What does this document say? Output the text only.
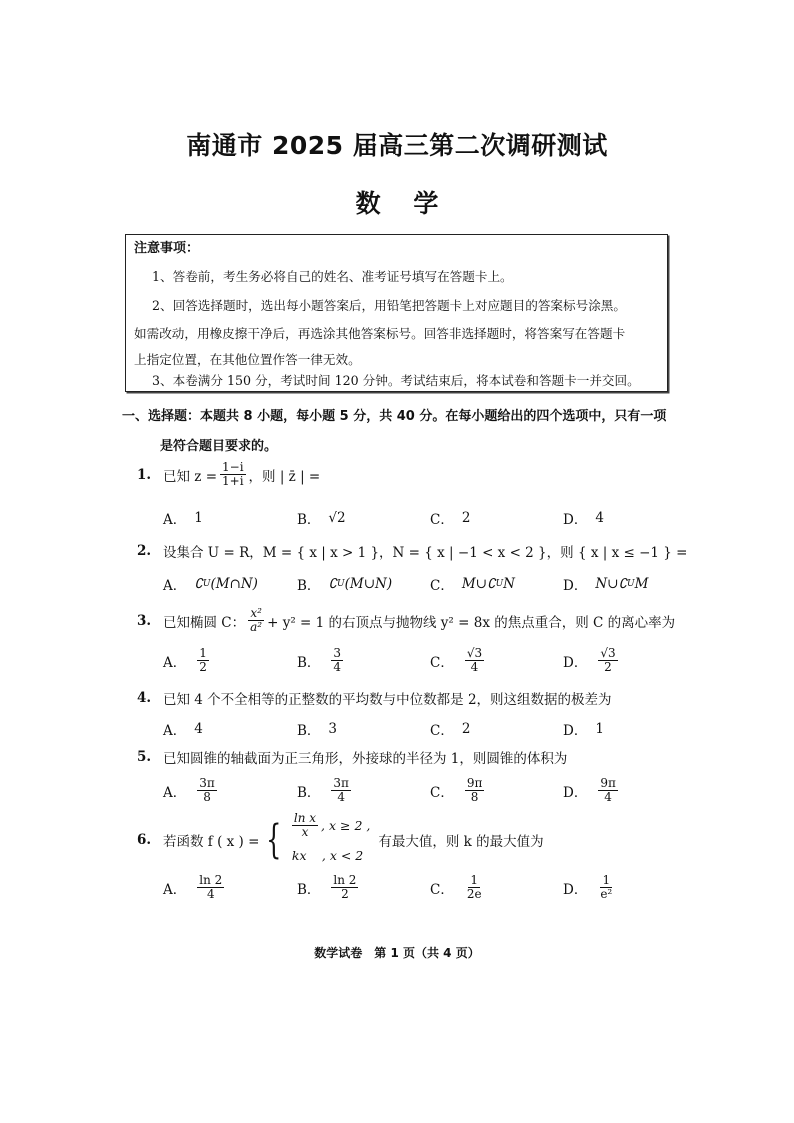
南通市 2025 届高三第二次调研测试
数 学
注意事项：
1、答卷前，考生务必将自己的姓名、准考证号填写在答题卡上。
2、回答选择题时，选出每小题答案后，用铅笔把答题卡上对应题目的答案标号涂黑。
如需改动，用橡皮擦干净后，再选涂其他答案标号。回答非选择题时，将答案写在答题卡
上指定位置，在其他位置作答一律无效。
3、本卷满分 150 分，考试时间 120 分钟。考试结束后，将本试卷和答题卡一并交回。
一、选择题：本题共 8 小题，每小题 5 分，共 40 分。在每小题给出的四个选项中，只有一项
是符合题目要求的。
1. 已知 $z = \frac{1-i}{1+i}$ ，则 | z̄ | =
A． 1	B． √2	C． 2	D． 4
2. 设集合 U = R，M = { x | x > 1 }，N = { x | −1 < x < 2 }，则 { x | x ≤ −1 } =
A． ∁ U (M∩N)	B． ∁ U (M∪N)	C． M∪∁ U N	D． N∪∁ U M
3. 已知椭圆 C： $\frac{\text{x²}}{\text{a²}} + y^2 = 1$ 的右顶点与抛物线 y² = 8x 的焦点重合，则 C 的离心率为
A． $\frac{1}{2}$	B． $\frac{3}{4}$	C． $\frac{√3}{4}$	D． $\frac{√3}{2}$
4. 已知 4 个不全相等的正整数的平均数与中位数都是 2，则这组数据的极差为
A． 4	B． 3	C． 2	D． 1
5. 已知圆锥的轴截面为正三角形，外接球的半径为 1，则圆锥的体积为
A． $\frac{3\pi}{8}$	B． $\frac{3\pi}{4}$	C． $\frac{9\pi}{8}$	D． $\frac{9\pi}{4}$
6. 若函数 f ( x ) = { $\frac{\text{ln x}}{x}$ , x ≥ 2 ,
kx	, x < 2
有最大值，则 k 的最大值为
A． $\frac{\ln 2}{4}$	B． $\frac{\ln 2}{2}$	C． $\frac{1}{2e}$	D． $\frac{1}{\text{e²}}$
数学试卷　第 1 页（共 4 页）
